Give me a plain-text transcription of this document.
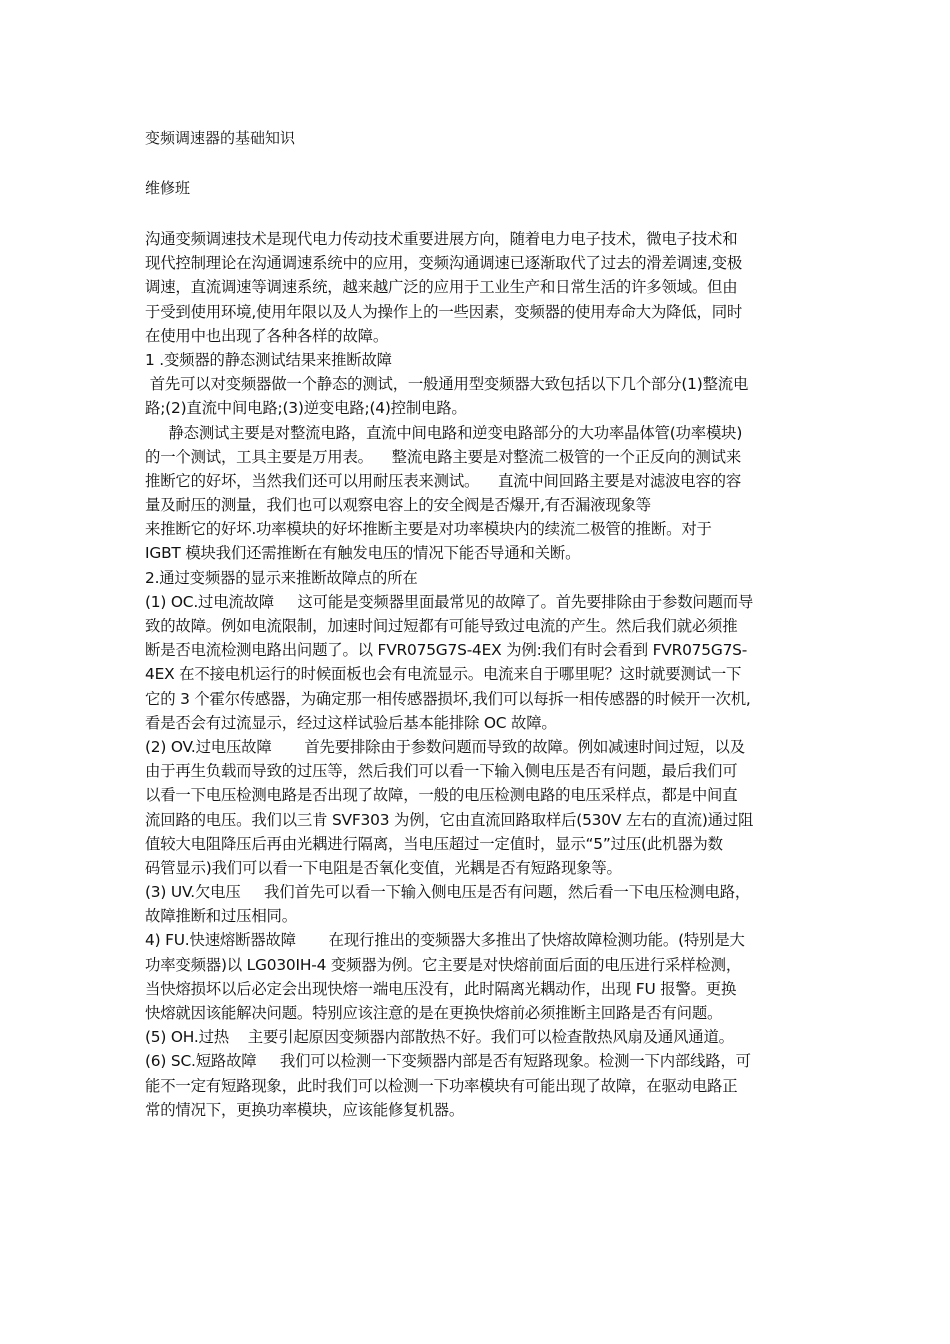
变频调速器的基础知识
维修班
沟通变频调速技术是现代电力传动技术重要进展方向，随着电力电子技术，微电子技术和
现代控制理论在沟通调速系统中的应用，变频沟通调速已逐渐取代了过去的滑差调速,变极
调速，直流调速等调速系统，越来越广泛的应用于工业生产和日常生活的许多领域。但由
于受到使用环境,使用年限以及人为操作上的一些因素，变频器的使用寿命大为降低，同时
在使用中也出现了各种各样的故障。
1 .变频器的静态测试结果来推断故障
首先可以对变频器做一个静态的测试，一般通用型变频器大致包括以下几个部分(1)整流电
路;(2)直流中间电路;(3)逆变电路;(4)控制电路。
静态测试主要是对整流电路，直流中间电路和逆变电路部分的大功率晶体管(功率模块)
的一个测试，工具主要是万用表。    整流电路主要是对整流二极管的一个正反向的测试来
推断它的好坏，当然我们还可以用耐压表来测试。    直流中间回路主要是对滤波电容的容
量及耐压的测量，我们也可以观察电容上的安全阀是否爆开,有否漏液现象等
来推断它的好坏.功率模块的好坏推断主要是对功率模块内的续流二极管的推断。对于
IGBT 模块我们还需推断在有触发电压的情况下能否导通和关断。
2.通过变频器的显示来推断故障点的所在
(1) OC.过电流故障     这可能是变频器里面最常见的故障了。首先要排除由于参数问题而导
致的故障。例如电流限制，加速时间过短都有可能导致过电流的产生。然后我们就必须推
断是否电流检测电路出问题了。以 FVR075G7S-4EX 为例:我们有时会看到 FVR075G7S-
4EX 在不接电机运行的时候面板也会有电流显示。电流来自于哪里呢？这时就要测试一下
它的 3 个霍尔传感器，为确定那一相传感器损坏,我们可以每拆一相传感器的时候开一次机,
看是否会有过流显示，经过这样试验后基本能排除 OC 故障。
(2) OV.过电压故障       首先要排除由于参数问题而导致的故障。例如减速时间过短，以及
由于再生负载而导致的过压等，然后我们可以看一下输入侧电压是否有问题，最后我们可
以看一下电压检测电路是否出现了故障，一般的电压检测电路的电压采样点，都是中间直
流回路的电压。我们以三肯 SVF303 为例，它由直流回路取样后(530V 左右的直流)通过阻
值较大电阻降压后再由光耦进行隔离，当电压超过一定值时，显示“5”过压(此机器为数
码管显示)我们可以看一下电阻是否氧化变值，光耦是否有短路现象等。
(3) UV.欠电压     我们首先可以看一下输入侧电压是否有问题，然后看一下电压检测电路，
故障推断和过压相同。
4) FU.快速熔断器故障       在现行推出的变频器大多推出了快熔故障检测功能。(特别是大
功率变频器)以 LG030IH-4 变频器为例。它主要是对快熔前面后面的电压进行采样检测，
当快熔损坏以后必定会出现快熔一端电压没有，此时隔离光耦动作，出现 FU 报警。更换
快熔就因该能解决问题。特别应该注意的是在更换快熔前必须推断主回路是否有问题。
(5) OH.过热    主要引起原因变频器内部散热不好。我们可以检查散热风扇及通风通道。
(6) SC.短路故障     我们可以检测一下变频器内部是否有短路现象。检测一下内部线路，可
能不一定有短路现象，此时我们可以检测一下功率模块有可能出现了故障，在驱动电路正
常的情况下，更换功率模块，应该能修复机器。
